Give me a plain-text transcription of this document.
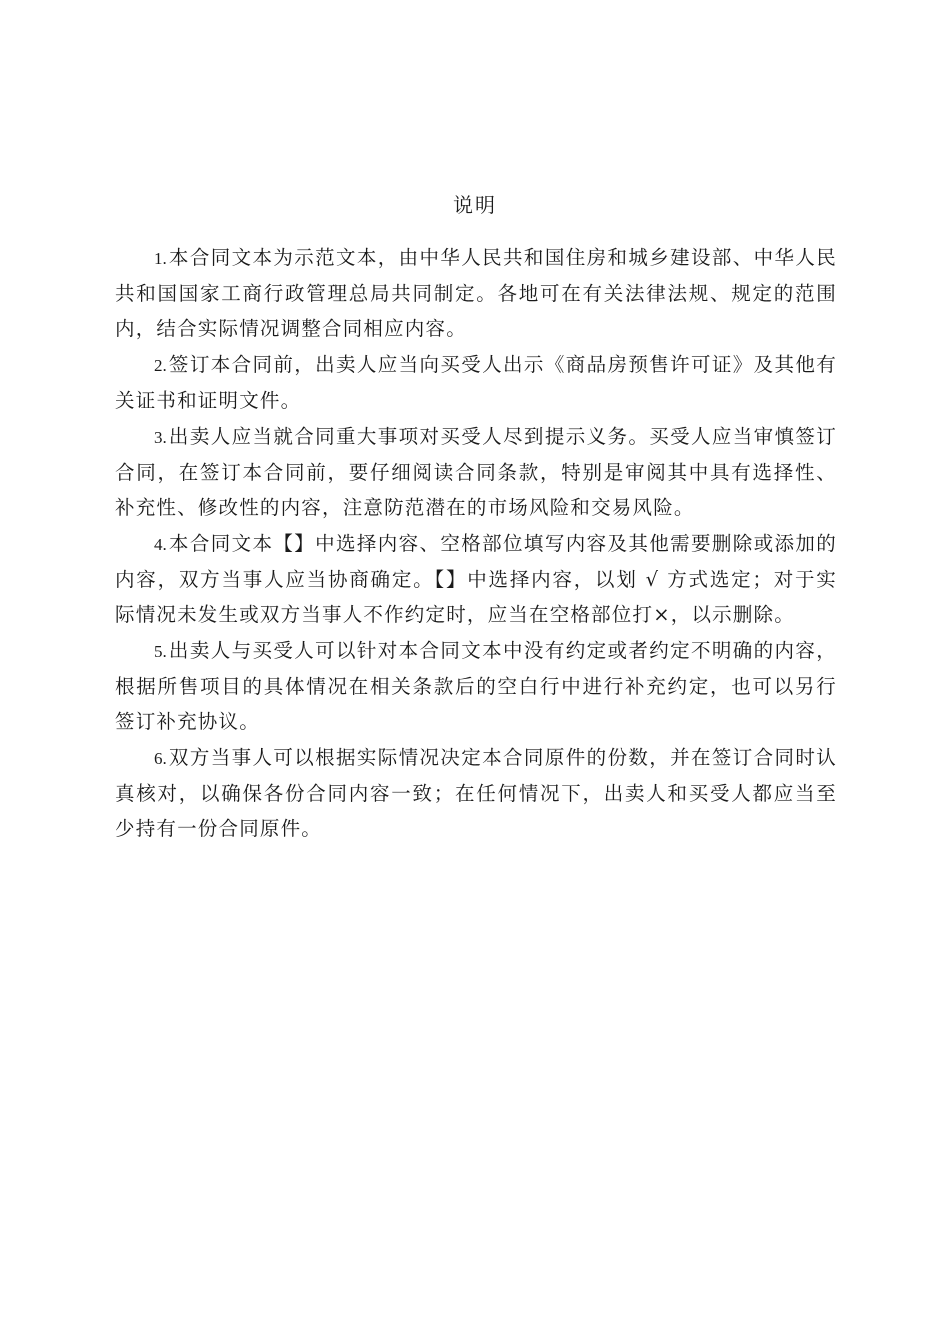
说明

1. 本合同文本为示范文本，由中华人民共和国住房和城乡建设部、中华人民共和国国家工商行政管理总局共同制定。各地可在有关法律法规、规定的范围内，结合实际情况调整合同相应内容。

2. 签订本合同前，出卖人应当向买受人出示《商品房预售许可证》及其他有关证书和证明文件。

3. 出卖人应当就合同重大事项对买受人尽到提示义务。买受人应当审慎签订合同，在签订本合同前，要仔细阅读合同条款，特别是审阅其中具有选择性、补充性、修改性的内容，注意防范潜在的市场风险和交易风险。

4. 本合同文本【】中选择内容、空格部位填写内容及其他需要删除或添加的内容，双方当事人应当协商确定。【】中选择内容，以划 √ 方式选定；对于实际情况未发生或双方当事人不作约定时，应当在空格部位打×，以示删除。

5. 出卖人与买受人可以针对本合同文本中没有约定或者约定不明确的内容，根据所售项目的具体情况在相关条款后的空白行中进行补充约定，也可以另行签订补充协议。

6. 双方当事人可以根据实际情况决定本合同原件的份数，并在签订合同时认真核对，以确保各份合同内容一致；在任何情况下，出卖人和买受人都应当至少持有一份合同原件。
